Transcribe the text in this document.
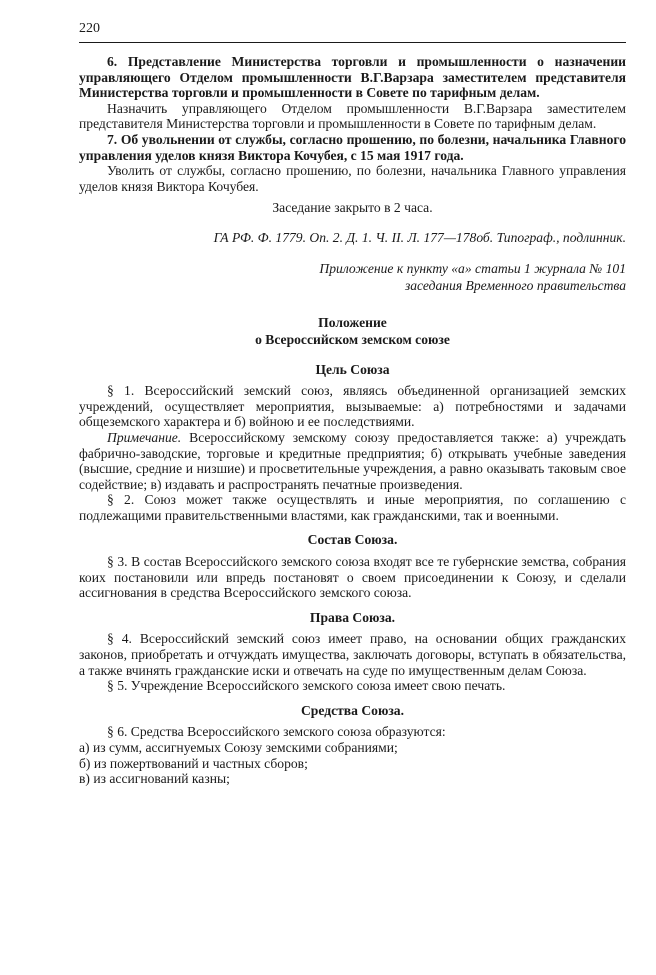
220

6. Представление Министерства торговли и промышленности о назначении управляющего Отделом промышленности В.Г.Варзара заместителем представителя Министерства торговли и промышленности в Совете по тарифным делам.

Назначить управляющего Отделом промышленности В.Г.Варзара заместителем представителя Министерства торговли и промышленности в Совете по тарифным делам.

7. Об увольнении от службы, согласно прошению, по болезни, начальника Главного управления уделов князя Виктора Кочубея, с 15 мая 1917 года.

Уволить от службы, согласно прошению, по болезни, начальника Главного управления уделов князя Виктора Кочубея.

Заседание закрыто в 2 часа.

ГА РФ. Ф. 1779. Оп. 2. Д. 1. Ч. II. Л. 177—178об. Типограф., подлинник.

Приложение к пункту «а» статьи 1 журнала № 101

заседания Временного правительства

Положение
о Всероссийском земском союзе
Цель Союза

§ 1. Всероссийский земский союз, являясь объединенной организацией земских учреждений, осуществляет мероприятия, вызываемые: а) потребностями и задачами общеземского характера и б) войною и ее последствиями.

Примечание. Всероссийскому земскому союзу предоставляется также: а) учреждать фабрично-заводские, торговые и кредитные предприятия; б) открывать учебные заведения (высшие, средние и низшие) и просветительные учреждения, а равно оказывать таковым свое содействие; в) издавать и распространять печатные произведения.

§ 2. Союз может также осуществлять и иные мероприятия, по соглашению с подлежащими правительственными властями, как гражданскими, так и военными.

Состав Союза.

§ 3. В состав Всероссийского земского союза входят все те губернские земства, собрания коих постановили или впредь постановят о своем присоединении к Союзу, и сделали ассигнования в средства Всероссийского земского союза.

Права Союза.

§ 4. Всероссийский земский союз имеет право, на основании общих гражданских законов, приобретать и отчуждать имущества, заключать договоры, вступать в обязательства, а также вчинять гражданские иски и отвечать на суде по имущественным делам Союза.

§ 5. Учреждение Всероссийского земского союза имеет свою печать.

Средства Союза.

§ 6. Средства Всероссийского земского союза образуются:

а) из сумм, ассигнуемых Союзу земскими собраниями;

б) из пожертвований и частных сборов;

в) из ассигнований казны;
